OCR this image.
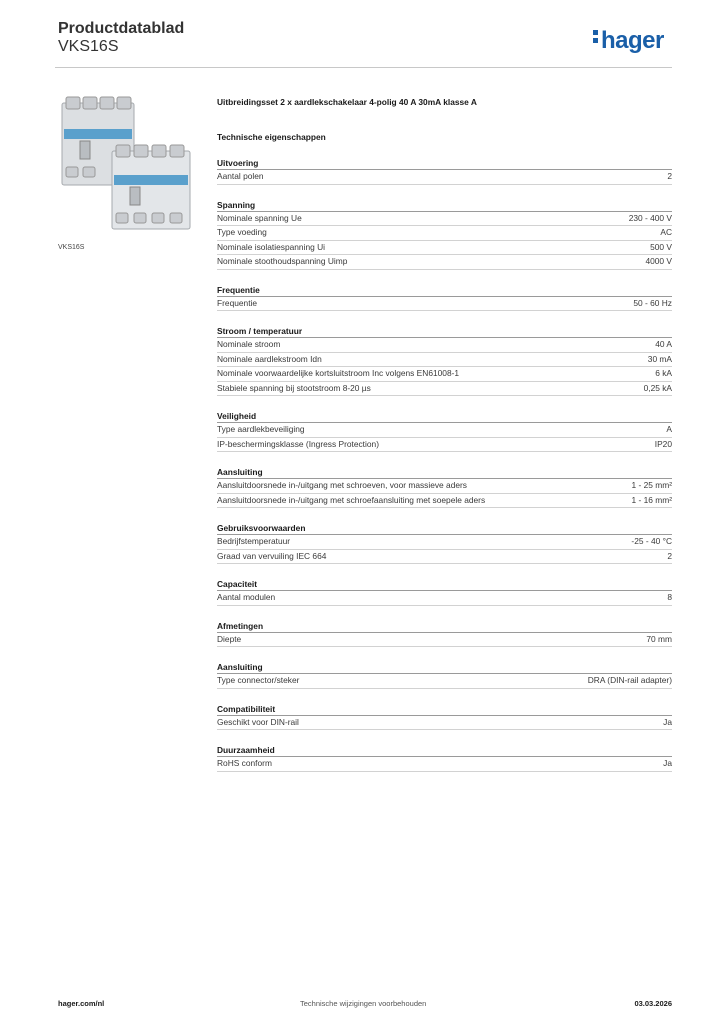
Productdatablad
VKS16S	hager
VKS16S
Uitbreidingsset 2 x aardlekschakelaar 4-polig 40 A 30mA klasse A
Technische eigenschappen
Uitvoering
Aantal polen	2
Spanning
Nominale spanning Ue	230 - 400 V
Type voeding	AC
Nominale isolatiespanning Ui	500 V
Nominale stoothoudspanning Uimp	4000 V
Frequentie
Frequentie	50 - 60 Hz
Stroom / temperatuur
Nominale stroom	40 A
Nominale aardlekstroom Idn	30 mA
Nominale voorwaardelijke kortsluitstroom Inc volgens EN61008-1	6 kA
Stabiele spanning bij stootstroom 8-20 µs	0,25 kA
Veiligheid
Type aardlekbeveiliging	A
IP-beschermingsklasse (Ingress Protection)	IP20
Aansluiting
Aansluitdoorsnede in-/uitgang met schroeven, voor massieve aders	1 - 25 mm²
Aansluitdoorsnede in-/uitgang met schroefaansluiting met soepele aders	1 - 16 mm²
Gebruiksvoorwaarden
Bedrijfstemperatuur	-25 - 40 °C
Graad van vervuiling IEC 664	2
Capaciteit
Aantal modulen	8
Afmetingen
Diepte	70 mm
Aansluiting
Type connector/steker	DRA (DIN-rail adapter)
Compatibiliteit
Geschikt voor DIN-rail	Ja
Duurzaamheid
RoHS conform	Ja
hager.com/nl	Technische wijzigingen voorbehouden	03.03.2026
